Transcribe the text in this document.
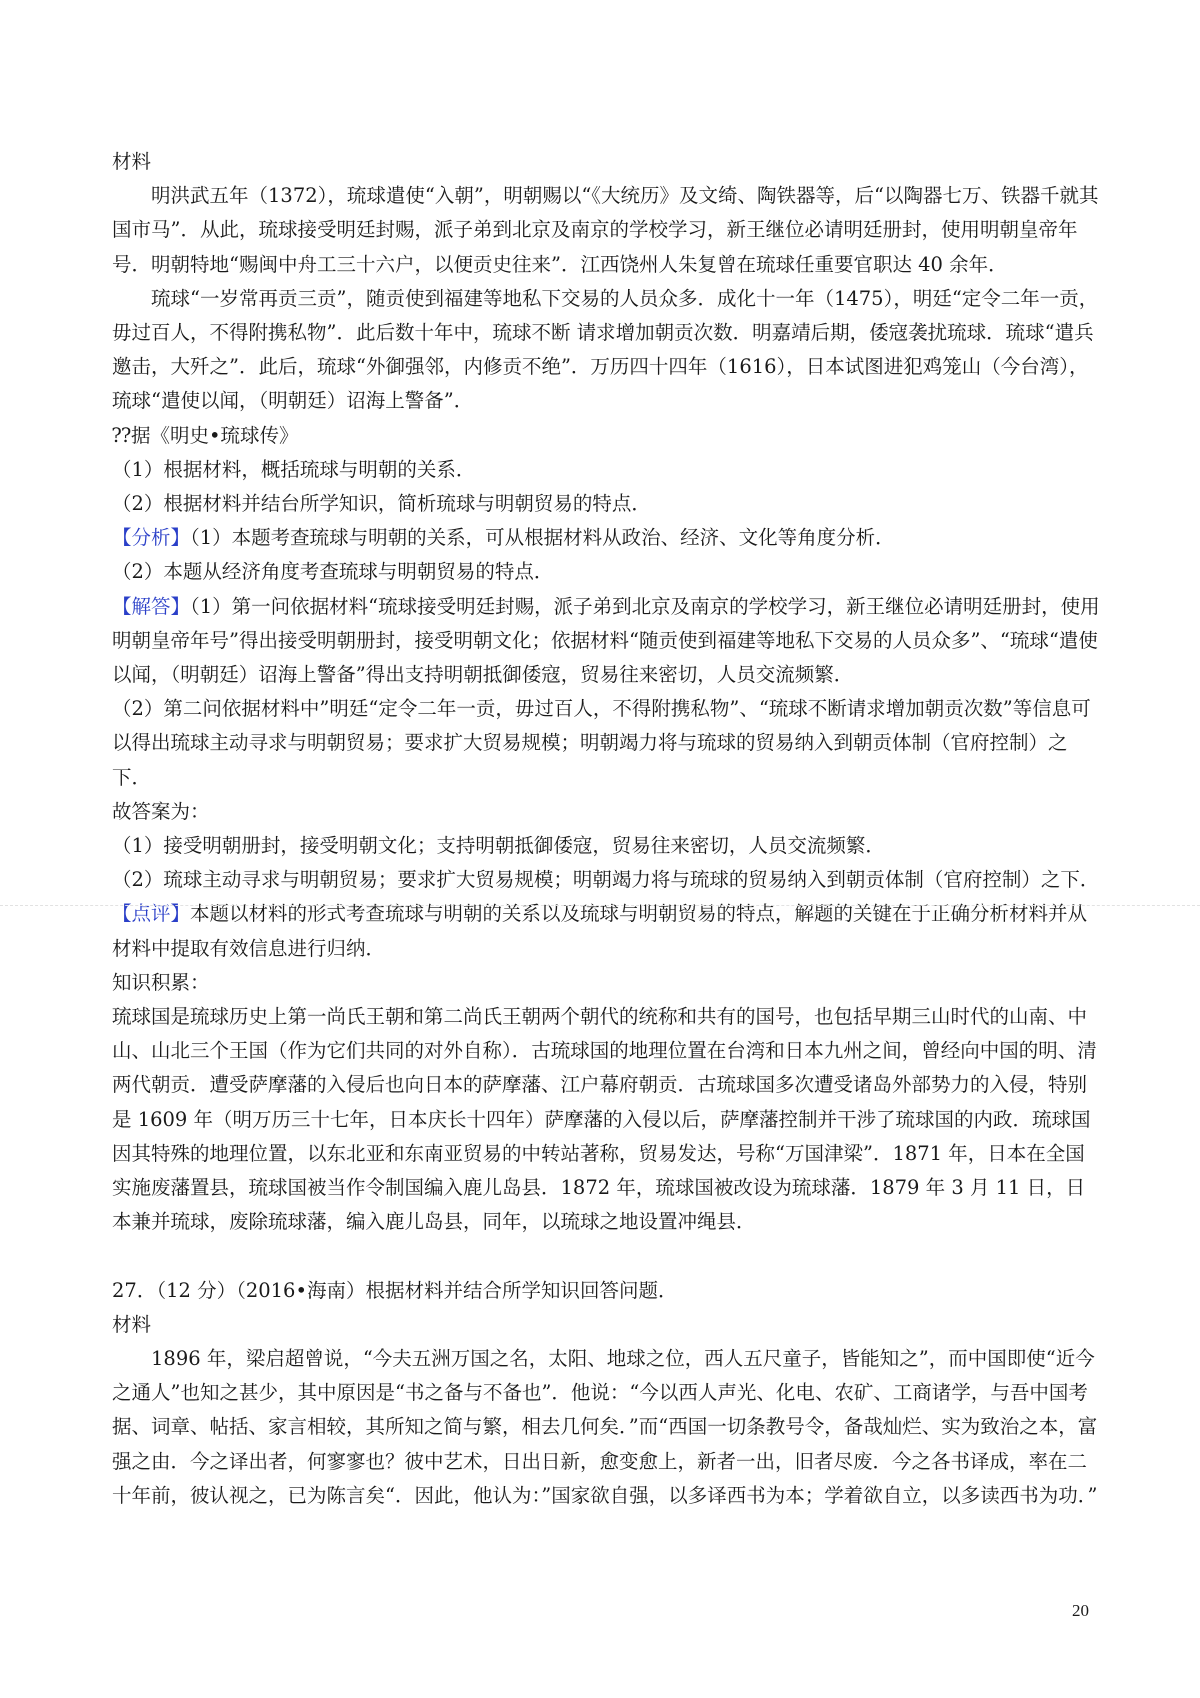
材料

明洪武五年（1372），琉球遣使“入朝”，明朝赐以“《大统历》及文绮、陶铁器等，后“以陶器七万、铁器千就其国市马”．从此，琉球接受明廷封赐，派子弟到北京及南京的学校学习，新王继位必请明廷册封，使用明朝皇帝年号．明朝特地“赐闽中舟工三十六户，以便贡史往来”．江西饶州人朱复曾在琉球任重要官职达 40 余年．

琉球“一岁常再贡三贡”，随贡使到福建等地私下交易的人员众多．成化十一年（1475），明廷“定令二年一贡，毋过百人，不得附携私物”．此后数十年中，琉球不断 请求增加朝贡次数．明嘉靖后期，倭寇袭扰琉球．琉球“遣兵邀击，大歼之”．此后，琉球“外御强邻，内修贡不绝”．万历四十四年（1616），日本试图进犯鸡笼山（今台湾），琉球“遣使以闻，（明朝廷）诏海上警备”．

⁇据《明史•琉球传》

（1）根据材料，概括琉球与明朝的关系．

（2）根据材料并结台所学知识，简析琉球与明朝贸易的特点．

【分析】（1）本题考查琉球与明朝的关系，可从根据材料从政治、经济、文化等角度分析．

（2）本题从经济角度考查琉球与明朝贸易的特点．

【解答】（1）第一问依据材料“琉球接受明廷封赐，派子弟到北京及南京的学校学习，新王继位必请明廷册封，使用明朝皇帝年号”得出接受明朝册封，接受明朝文化；依据材料“随贡使到福建等地私下交易的人员众多”、“琉球“遣使以闻，（明朝廷）诏海上警备”得出支持明朝抵御倭寇，贸易往来密切，人员交流频繁．

（2）第二问依据材料中”明廷“定令二年一贡，毋过百人，不得附携私物”、“琉球不断请求增加朝贡次数”等信息可以得出琉球主动寻求与明朝贸易；要求扩大贸易规模；明朝竭力将与琉球的贸易纳入到朝贡体制（官府控制）之下．

故答案为：

（1）接受明朝册封，接受明朝文化；支持明朝抵御倭寇，贸易往来密切，人员交流频繁．

（2）琉球主动寻求与明朝贸易；要求扩大贸易规模；明朝竭力将与琉球的贸易纳入到朝贡体制（官府控制）之下．

【点评】本题以材料的形式考查琉球与明朝的关系以及琉球与明朝贸易的特点，解题的关键在于正确分析材料并从材料中提取有效信息进行归纳．

知识积累：

琉球国是琉球历史上第一尚氏王朝和第二尚氏王朝两个朝代的统称和共有的国号，也包括早期三山时代的山南、中山、山北三个王国（作为它们共同的对外自称）．古琉球国的地理位置在台湾和日本九州之间，曾经向中国的明、清两代朝贡．遭受萨摩藩的入侵后也向日本的萨摩藩、江户幕府朝贡．古琉球国多次遭受诸岛外部势力的入侵，特别是 1609 年（明万历三十七年，日本庆长十四年）萨摩藩的入侵以后，萨摩藩控制并干涉了琉球国的内政．琉球国因其特殊的地理位置，以东北亚和东南亚贸易的中转站著称，贸易发达，号称“万国津梁”．1871 年，日本在全国实施废藩置县，琉球国被当作令制国编入鹿儿岛县．1872 年，琉球国被改设为琉球藩．1879 年 3 月 11 日，日本兼并琉球，废除琉球藩，编入鹿儿岛县，同年，以琉球之地设置冲绳县．

27．（12 分）（2016•海南）根据材料并结合所学知识回答问题．

材料

1896 年，梁启超曾说，“今夫五洲万国之名，太阳、地球之位，西人五尺童子，皆能知之”，而中国即使“近今之通人”也知之甚少，其中原因是“书之备与不备也”．他说：“今以西人声光、化电、农矿、工商诸学，与吾中国考据、词章、帖括、家言相较，其所知之简与繁，相去几何矣．”而“西国一切条教号令，备哉灿烂、实为致治之本，富强之由．今之译出者，何寥寥也？彼中艺术，日出日新，愈变愈上，新者一出，旧者尽废．今之各书译成，率在二十年前，彼认视之，已为陈言矣“．因此，他认为：”国家欲自强，以多译西书为本；学着欲自立，以多读西书为功．”

20
